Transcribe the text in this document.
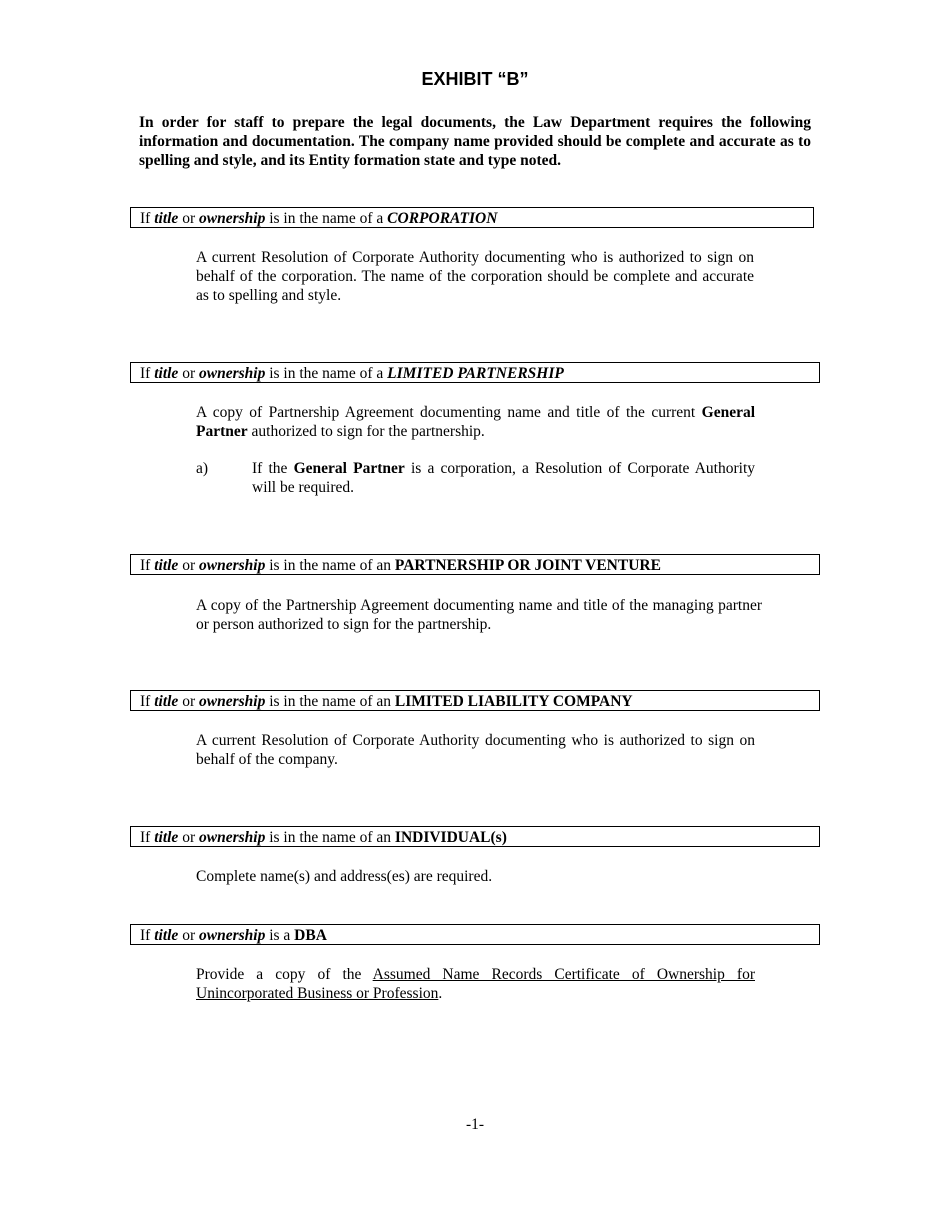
EXHIBIT “B”
In order for staff to prepare the legal documents, the Law Department requires the following information and documentation. The company name provided should be complete and accurate as to spelling and style, and its Entity formation state and type noted.
If title or ownership is in the name of a CORPORATION
A current Resolution of Corporate Authority documenting who is authorized to sign on behalf of the corporation. The name of the corporation should be complete and accurate as to spelling and style.
If title or ownership is in the name of a LIMITED PARTNERSHIP
A copy of Partnership Agreement documenting name and title of the current General Partner authorized to sign for the partnership.
a)	If the General Partner is a corporation, a Resolution of Corporate Authority will be required.
If title or ownership is in the name of an PARTNERSHIP OR JOINT VENTURE
A copy of the Partnership Agreement documenting name and title of the managing partner or person authorized to sign for the partnership.
If title or ownership is in the name of an LIMITED LIABILITY COMPANY
A current Resolution of Corporate Authority documenting who is authorized to sign on behalf of the company.
If title or ownership is in the name of an INDIVIDUAL(s)
Complete name(s) and address(es) are required.
If title or ownership is a DBA
Provide a copy of the Assumed Name Records Certificate of Ownership for Unincorporated Business or Profession.
-1-
